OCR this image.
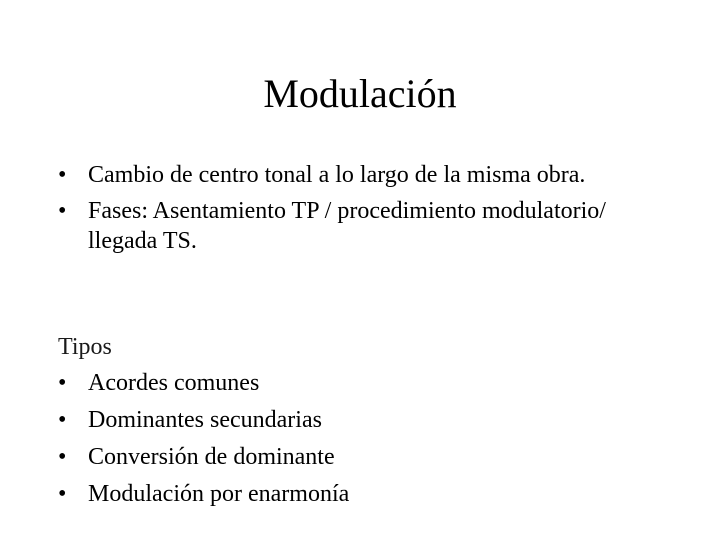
Modulación
• Cambio de centro tonal a lo largo de la misma obra.
• Fases: Asentamiento TP / procedimiento modulatorio/ llegada TS.

Tipos

• Acordes comunes
• Dominantes secundarias
• Conversión de dominante
• Modulación por enarmonía
